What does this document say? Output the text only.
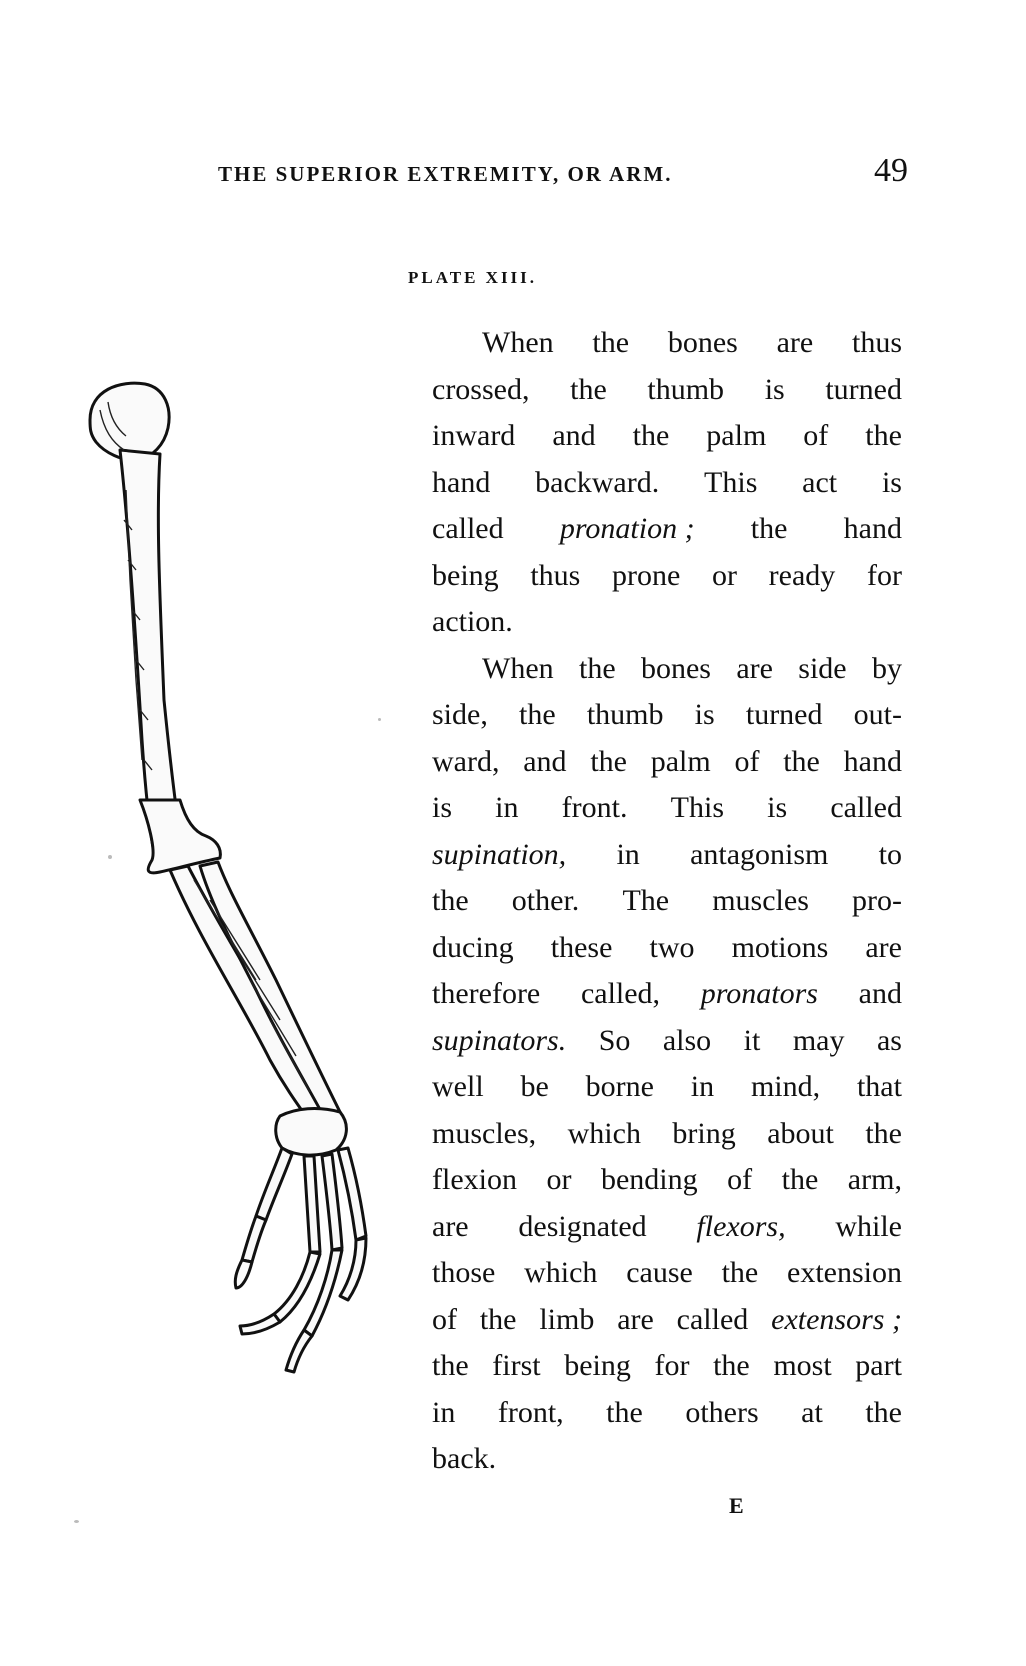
THE SUPERIOR EXTREMITY, OR ARM.	49
PLATE XIII.
When the bones are thus
crossed, the thumb is turned
inward and the palm of the
hand backward. This act is
called pronation ; the hand
being thus prone or ready for
action.
When the bones are side by
side, the thumb is turned out-
ward, and the palm of the hand
is in front. This is called
supination, in antagonism to
the other. The muscles pro-
ducing these two motions are
therefore called, pronators and
supinators. So also it may as
well be borne in mind, that
muscles, which bring about the
flexion or bending of the arm,
are designated flexors, while
those which cause the extension
of the limb are called extensors ;
the first being for the most part
in front, the others at the
back.
E
